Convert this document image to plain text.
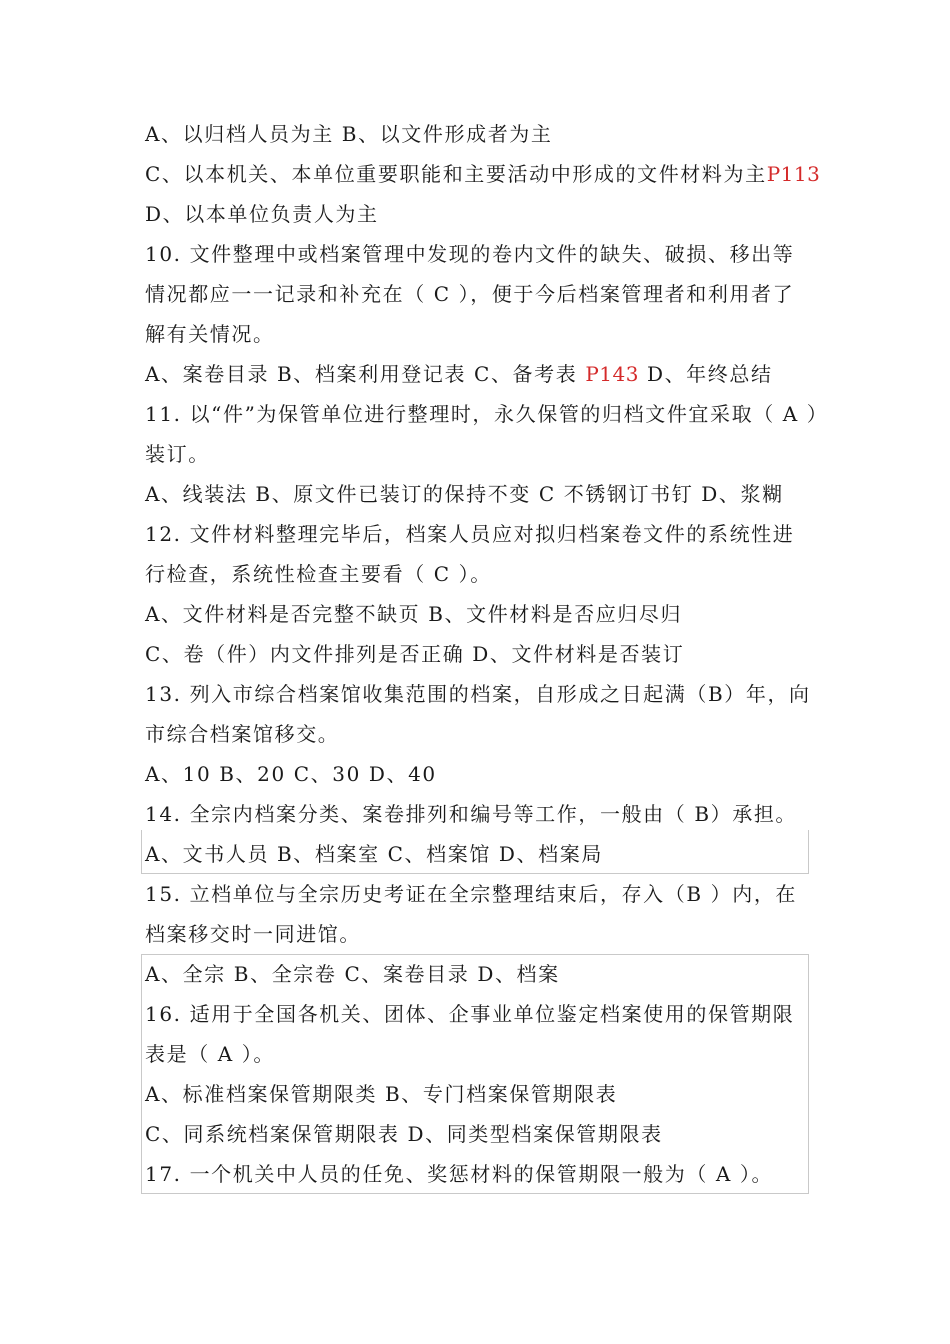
A、以归档人员为主 B、以文件形成者为主
C、以本机关、本单位重要职能和主要活动中形成的文件材料为主P113
D、以本单位负责人为主
10. 文件整理中或档案管理中发现的卷内文件的缺失、破损、移出等
情况都应一一记录和补充在（ C ），便于今后档案管理者和利用者了
解有关情况。
A、案卷目录 B、档案利用登记表 C、备考表 P143 D、年终总结
11. 以“件”为保管单位进行整理时，永久保管的归档文件宜采取（ A ）
装订。
A、线装法 B、原文件已装订的保持不变 C 不锈钢订书钉 D、浆糊
12. 文件材料整理完毕后，档案人员应对拟归档案卷文件的系统性进
行检查，系统性检查主要看（ C ）。
A、文件材料是否完整不缺页 B、文件材料是否应归尽归
C、卷（件）内文件排列是否正确 D、文件材料是否装订
13. 列入市综合档案馆收集范围的档案，自形成之日起满（B）年，向
市综合档案馆移交。
A、10 B、20 C、30 D、40
14. 全宗内档案分类、案卷排列和编号等工作，一般由（ B）承担。
A、文书人员 B、档案室 C、档案馆 D、档案局
15. 立档单位与全宗历史考证在全宗整理结束后，存入（B ）内，在
档案移交时一同进馆。
A、全宗 B、全宗卷 C、案卷目录 D、档案
16. 适用于全国各机关、团体、企事业单位鉴定档案使用的保管期限
表是（ A ）。
A、标准档案保管期限类 B、专门档案保管期限表
C、同系统档案保管期限表 D、同类型档案保管期限表
17. 一个机关中人员的任免、奖惩材料的保管期限一般为（ A ）。
